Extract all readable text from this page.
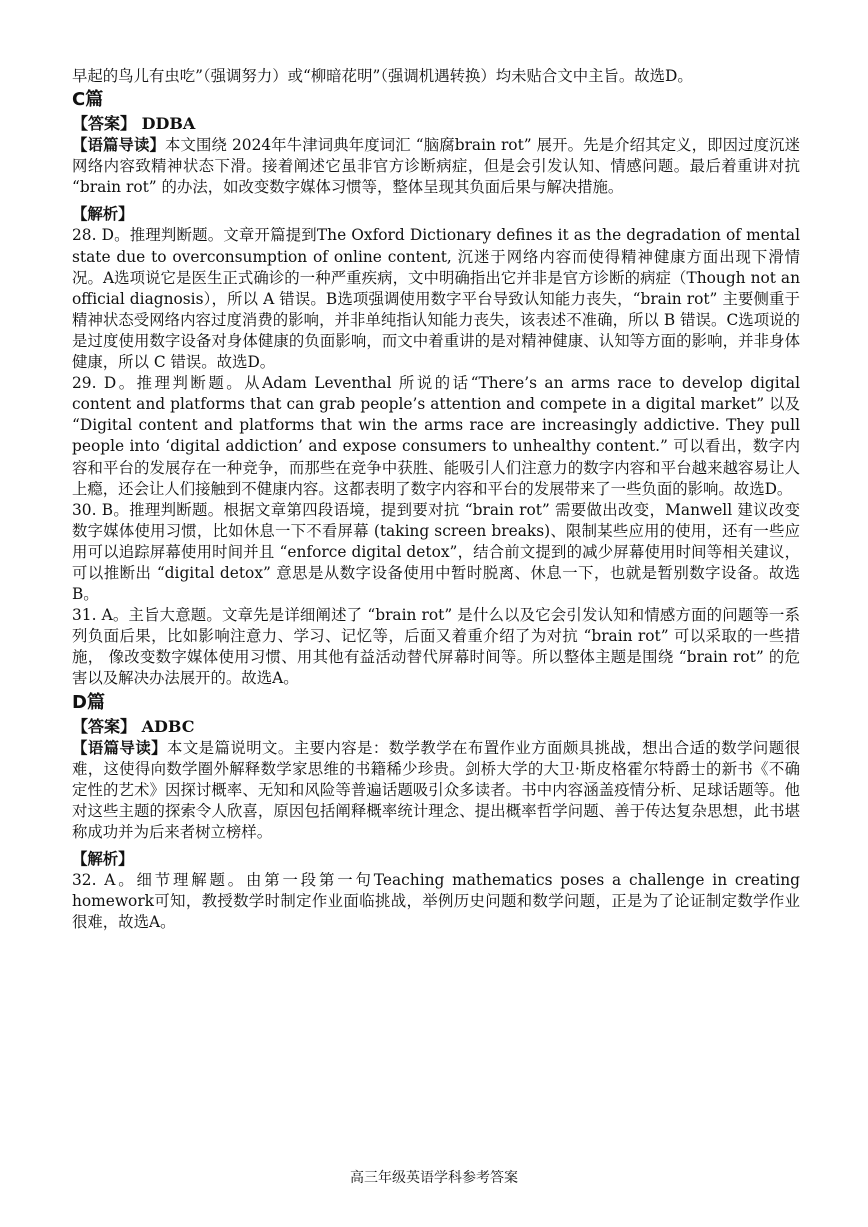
早起的鸟儿有虫吃”（强调努力）或“柳暗花明”（强调机遇转换）均未贴合文中主旨。故选D。

C篇
【答案】 DDBA

【语篇导读】本文围绕 2024年牛津词典年度词汇 “脑腐brain rot” 展开。先是介绍其定义，即因过度沉迷网络内容致精神状态下滑。接着阐述它虽非官方诊断病症，但是会引发认知、情感问题。最后着重讲对抗 “brain rot” 的办法，如改变数字媒体习惯等，整体呈现其负面后果与解决措施。

【解析】

28. D。推理判断题。文章开篇提到The Oxford Dictionary defines it as the degradation of mental state due to overconsumption of online content, 沉迷于网络内容而使得精神健康方面出现下滑情况。A选项说它是医生正式确诊的一种严重疾病，文中明确指出它并非是官方诊断的病症（Though not an official diagnosis），所以 A 错误。B选项强调使用数字平台导致认知能力丧失，“brain rot” 主要侧重于精神状态受网络内容过度消费的影响，并非单纯指认知能力丧失，该表述不准确，所以 B 错误。C选项说的是过度使用数字设备对身体健康的负面影响，而文中着重讲的是对精神健康、认知等方面的影响，并非身体健康，所以 C 错误。故选D。

29. D。推理判断题。从Adam Leventhal 所说的话“There’s an arms race to develop digital content and platforms that can grab people’s attention and compete in a digital market” 以及 “Digital content and platforms that win the arms race are increasingly addictive. They pull people into ‘digital addiction’ and expose consumers to unhealthy content.” 可以看出，数字内容和平台的发展存在一种竞争，而那些在竞争中获胜、能吸引人们注意力的数字内容和平台越来越容易让人上瘾，还会让人们接触到不健康内容。这都表明了数字内容和平台的发展带来了一些负面的影响。故选D。

30. B。推理判断题。根据文章第四段语境，提到要对抗 “brain rot” 需要做出改变，Manwell 建议改变数字媒体使用习惯，比如休息一下不看屏幕 (taking screen breaks)、限制某些应用的使用，还有一些应用可以追踪屏幕使用时间并且 “enforce digital detox”，结合前文提到的减少屏幕使用时间等相关建议，可以推断出 “digital detox” 意思是从数字设备使用中暂时脱离、休息一下，也就是暂别数字设备。故选B。

31. A。主旨大意题。文章先是详细阐述了 “brain rot” 是什么以及它会引发认知和情感方面的问题等一系列负面后果，比如影响注意力、学习、记忆等，后面又着重介绍了为对抗 “brain rot” 可以采取的一些措施， 像改变数字媒体使用习惯、用其他有益活动替代屏幕时间等。所以整体主题是围绕 “brain rot” 的危害以及解决办法展开的。故选A。

D篇
【答案】 ADBC

【语篇导读】本文是篇说明文。主要内容是：数学教学在布置作业方面颇具挑战，想出合适的数学问题很难，这使得向数学圈外解释数学家思维的书籍稀少珍贵。剑桥大学的大卫·斯皮格霍尔特爵士的新书《不确定性的艺术》因探讨概率、无知和风险等普遍话题吸引众多读者。书中内容涵盖疫情分析、足球话题等。他对这些主题的探索令人欣喜，原因包括阐释概率统计理念、提出概率哲学问题、善于传达复杂思想，此书堪称成功并为后来者树立榜样。

【解析】

32. A。细节理解题。由第一段第一句Teaching mathematics poses a challenge in creating homework可知，教授数学时制定作业面临挑战，举例历史问题和数学问题，正是为了论证制定数学作业很难，故选A。

高三年级英语学科参考答案
